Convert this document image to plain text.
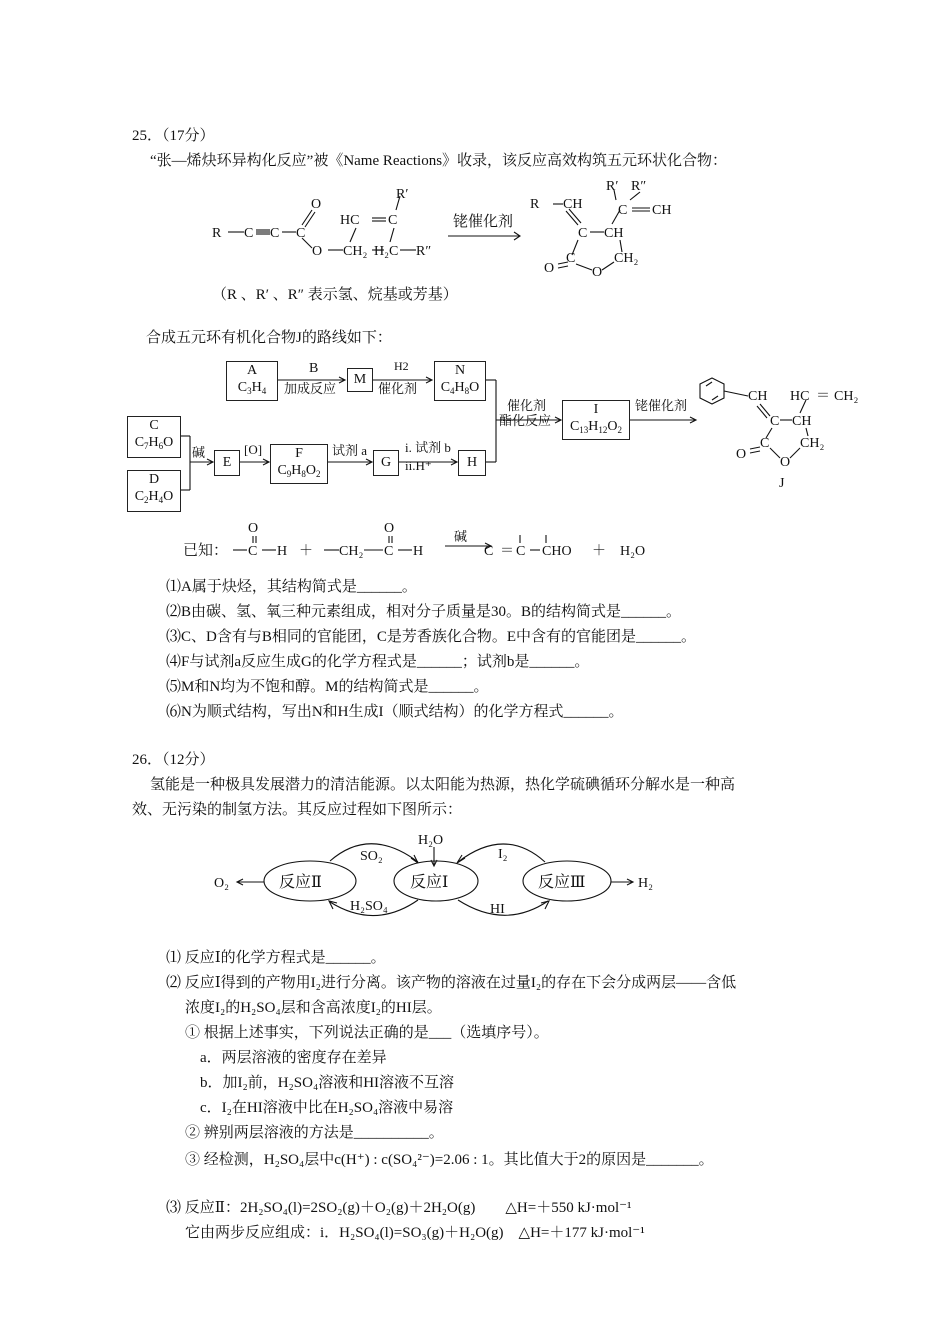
25．（17分）
“张—烯炔环异构化反应”被《Name Reactions》收录，该反应高效构筑五元环状化合物：
R C C C
O
O CH₂ H₂C R″
HC C
R′
铑催化剂
R CH
C CH
C CH
R′ R″
C
O	O
CH₂
（R 、R′ 、R″ 表示氢、烷基或芳基）
合成五元环有机化合物J的路线如下：
A
$C_3H_4$
M
N
$C_4H_8O$
C
$C_7H_6O$
D
$C_2H_4O$
E
F
$C_9H_8O_2$
G	H
I
$C_{13}H_{12}O_2$
B
加成反应
H2
催化剂
碱	[O]	试剂 a	i. 试剂 b
ii.H⁺
催化剂
酯化反应
铑催化剂
CH HC ＝ CH₂
C CH
C
O
O
CH₂
J
已知：
O
C H ＋ CH₂
O
C H
碱
C ＝ C CHO ＋ H₂O
⑴A属于炔烃，其结构简式是______。
⑵B由碳、氢、氧三种元素组成，相对分子质量是30。B的结构简式是______。
⑶C、D含有与B相同的官能团，C是芳香族化合物。E中含有的官能团是______。
⑷F与试剂a反应生成G的化学方程式是______；试剂b是______。
⑸M和N均为不饱和醇。M的结构简式是______。
⑹N为顺式结构，写出N和H生成I（顺式结构）的化学方程式______。
26．（12分）
氢能是一种极具发展潜力的清洁能源。以太阳能为热源，热化学硫碘循环分解水是一种高
效、无污染的制氢方法。其反应过程如下图所示：
反应Ⅱ	反应Ⅰ	反应Ⅲ
H₂O
SO₂	I₂
H₂SO₄	HI
O₂	H₂
⑴ 反应Ⅰ的化学方程式是______。
⑵ 反应Ⅰ得到的产物用I₂进行分离。该产物的溶液在过量I₂的存在下会分成两层——含低
浓度I₂的H₂SO₄层和含高浓度I₂的HI层。
① 根据上述事实，下列说法正确的是___（选填序号）。
a．两层溶液的密度存在差异
b．加I₂前，H₂SO₄溶液和HI溶液不互溶
c．I₂在HI溶液中比在H₂SO₄溶液中易溶
② 辨别两层溶液的方法是__________。
③ 经检测，H₂SO₄层中c(H⁺) : c(SO₄²⁻)=2.06 : 1。其比值大于2的原因是_______。
⑶ 反应Ⅱ：2H₂SO₄(l)=2SO₂(g)＋O₂(g)＋2H₂O(g)　　△H=＋550 kJ·mol⁻¹
它由两步反应组成：i．H₂SO₄(l)=SO₃(g)＋H₂O(g)　△H=＋177 kJ·mol⁻¹
